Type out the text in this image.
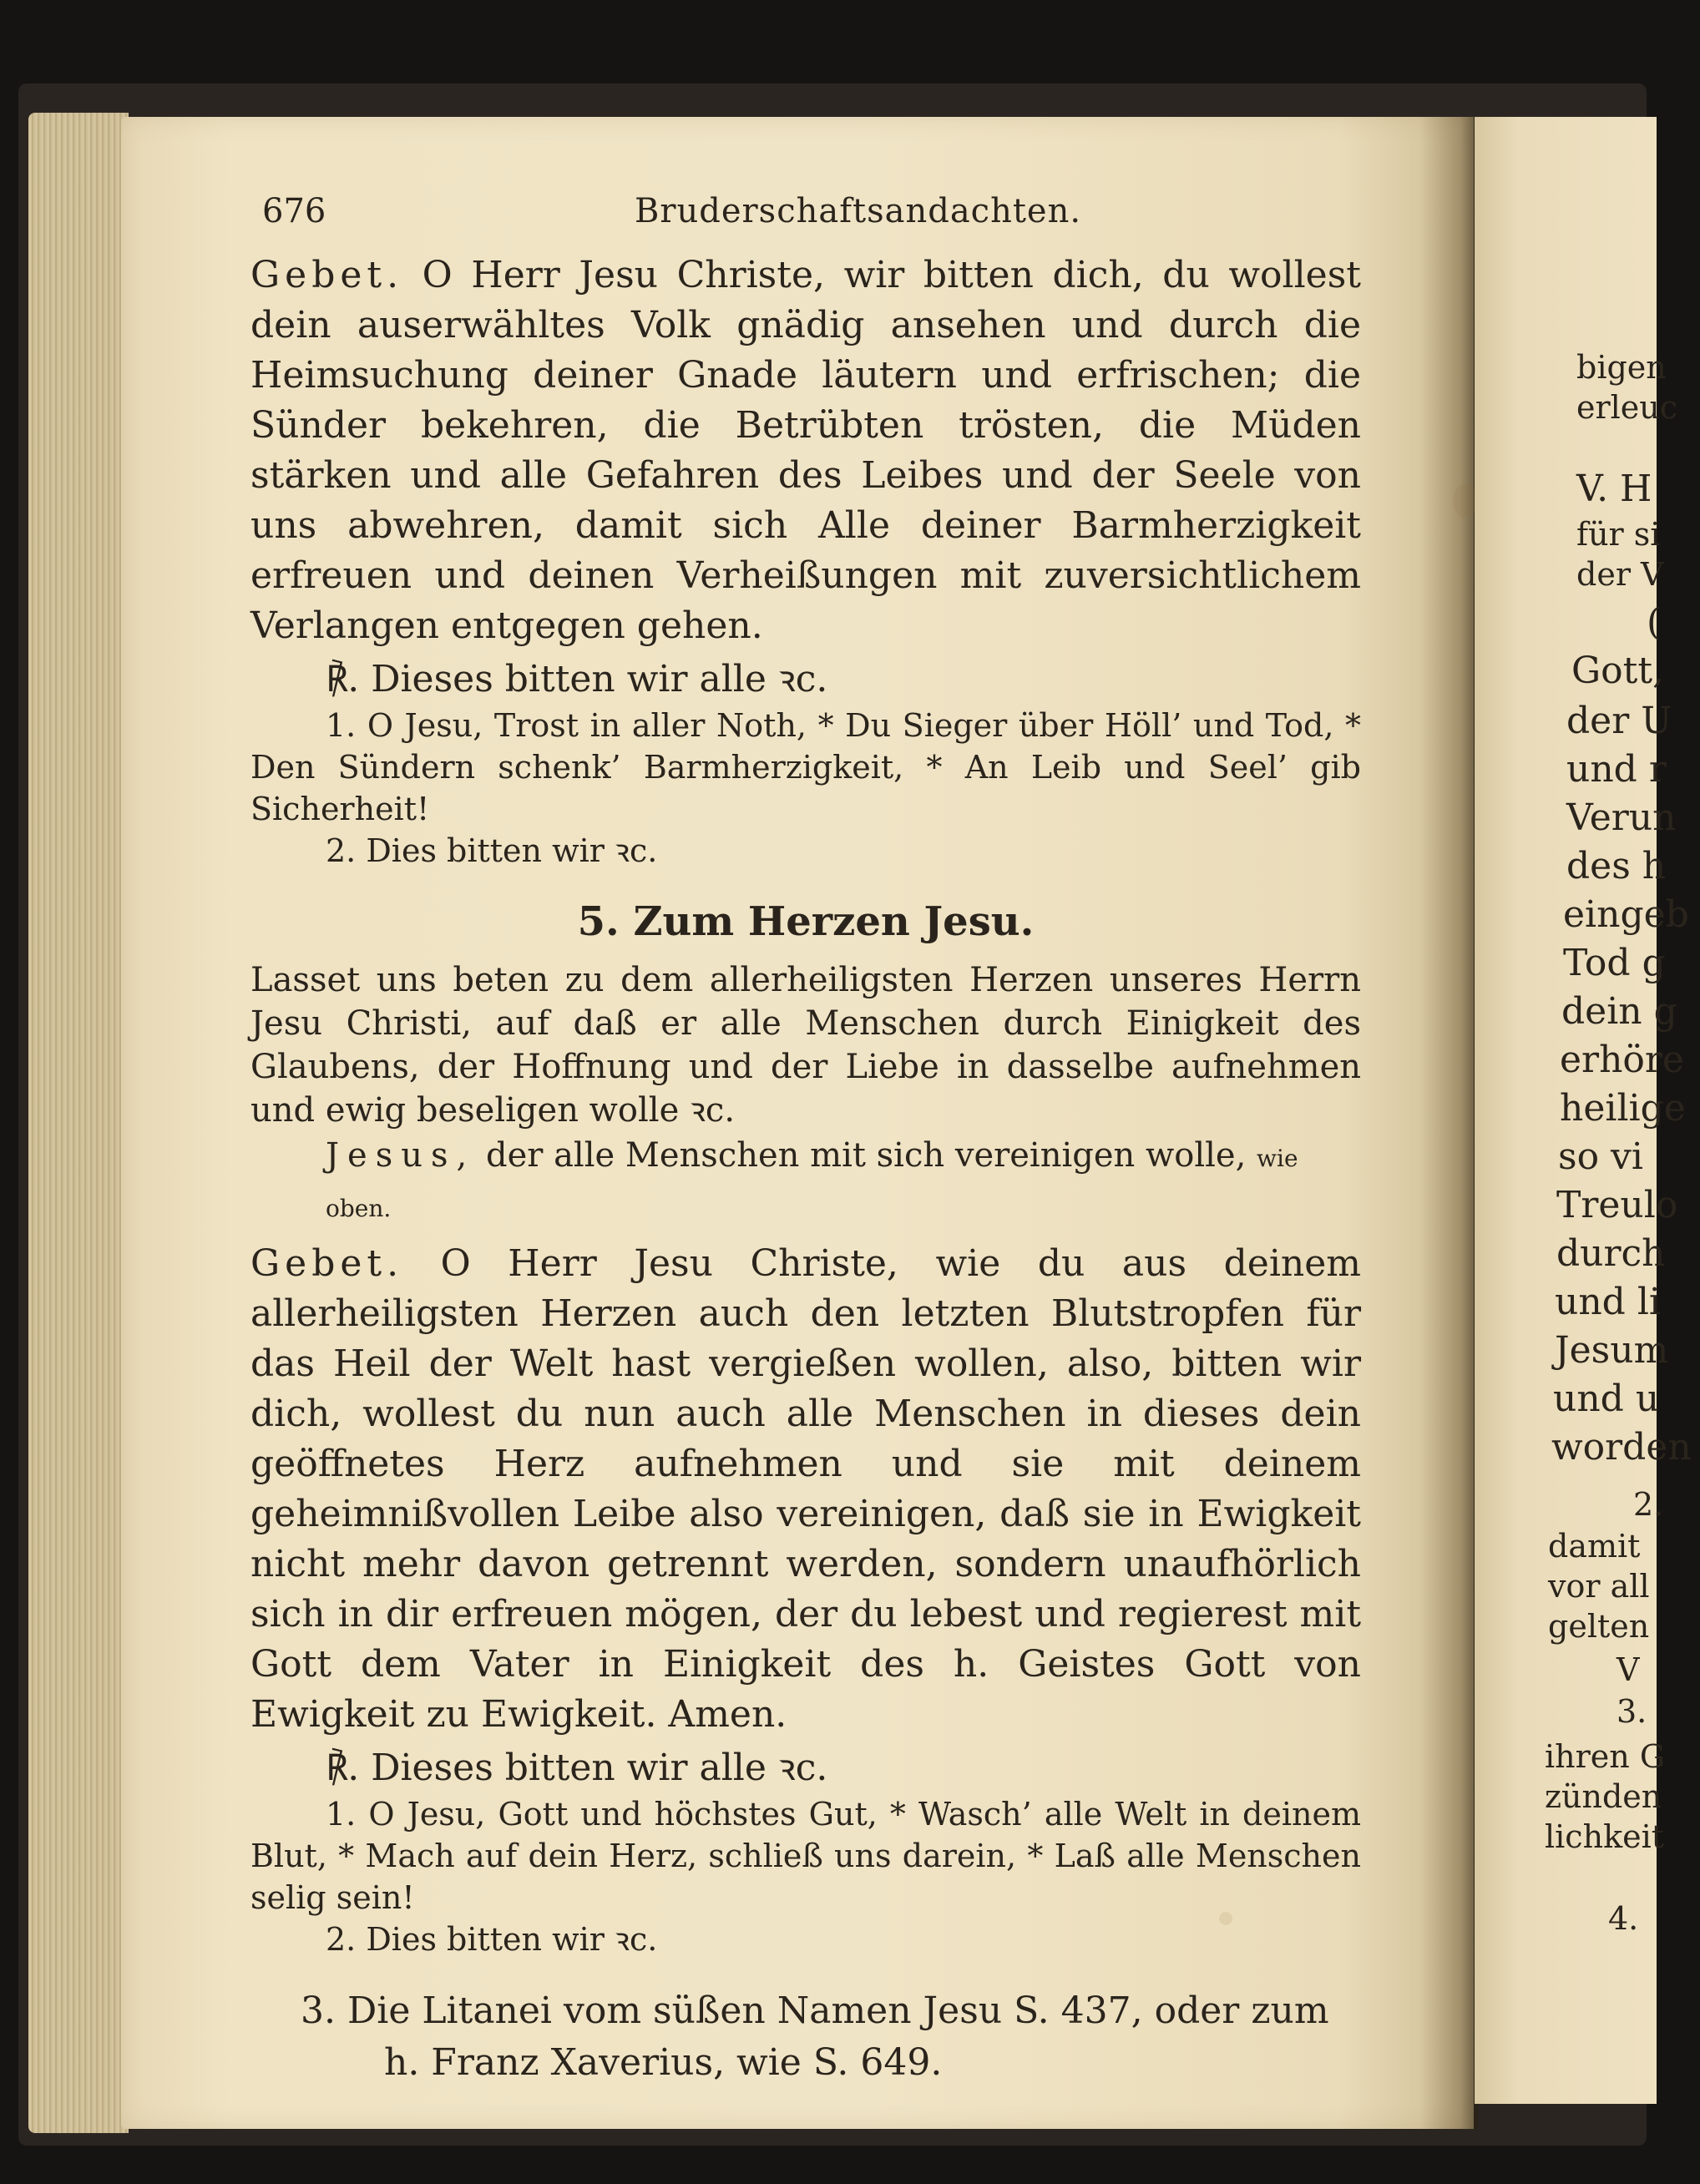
676	Bruderschaftsandachten.

Gebet. O Herr Jesu Christe, wir bitten dich, du wollest dein auserwähltes Volk gnädig ansehen und durch die Heimsuchung deiner Gnade läutern und erfrischen; die Sünder bekehren, die Betrübten trösten, die Müden stärken und alle Gefahren des Leibes und der Seele von uns abwehren, damit sich Alle deiner Barmherzigkeit erfreuen und deinen Verheißungen mit zuversichtlichem Verlangen entgegen gehen.

℟. Dieses bitten wir alle ꝛc.

1. O Jesu, Trost in aller Noth, * Du Sieger über Höll’ und Tod, * Den Sündern schenk’ Barmherzigkeit, * An Leib und Seel’ gib Sicherheit!

2. Dies bitten wir ꝛc.

5. Zum Herzen Jesu.

Lasset uns beten zu dem allerheiligsten Herzen unseres Herrn Jesu Christi, auf daß er alle Menschen durch Einigkeit des Glaubens, der Hoffnung und der Liebe in dasselbe aufnehmen und ewig beseligen wolle ꝛc.

Jesus, der alle Menschen mit sich vereinigen wolle, wie oben.

Gebet. O Herr Jesu Christe, wie du aus deinem allerheiligsten Herzen auch den letzten Blutstropfen für das Heil der Welt hast vergießen wollen, also, bitten wir dich, wollest du nun auch alle Menschen in dieses dein geöffnetes Herz aufnehmen und sie mit deinem geheimnißvollen Leibe also vereinigen, daß sie in Ewigkeit nicht mehr davon getrennt werden, sondern unaufhörlich sich in dir erfreuen mögen, der du lebest und regierest mit Gott dem Vater in Einigkeit des h. Geistes Gott von Ewigkeit zu Ewigkeit. Amen.

℟. Dieses bitten wir alle ꝛc.

1. O Jesu, Gott und höchstes Gut, * Wasch’ alle Welt in deinem Blut, * Mach auf dein Herz, schließ uns darein, * Laß alle Menschen selig sein!

2. Dies bitten wir ꝛc.

3. Die Litanei vom süßen Namen Jesu S. 437, oder zum
h. Franz Xaverius, wie S. 649.
bigen
erleuc
V. H
für si
der V
(
Gott,
der U
und r
Verun
des h
eingeb
Tod g
dein g
erhöre
heilige
so vi
Treulo
durch
und li
Jesum
und u
worden
2.
damit
vor all
gelten
V
3.
ihren G
zünden
lichkeit
4.
